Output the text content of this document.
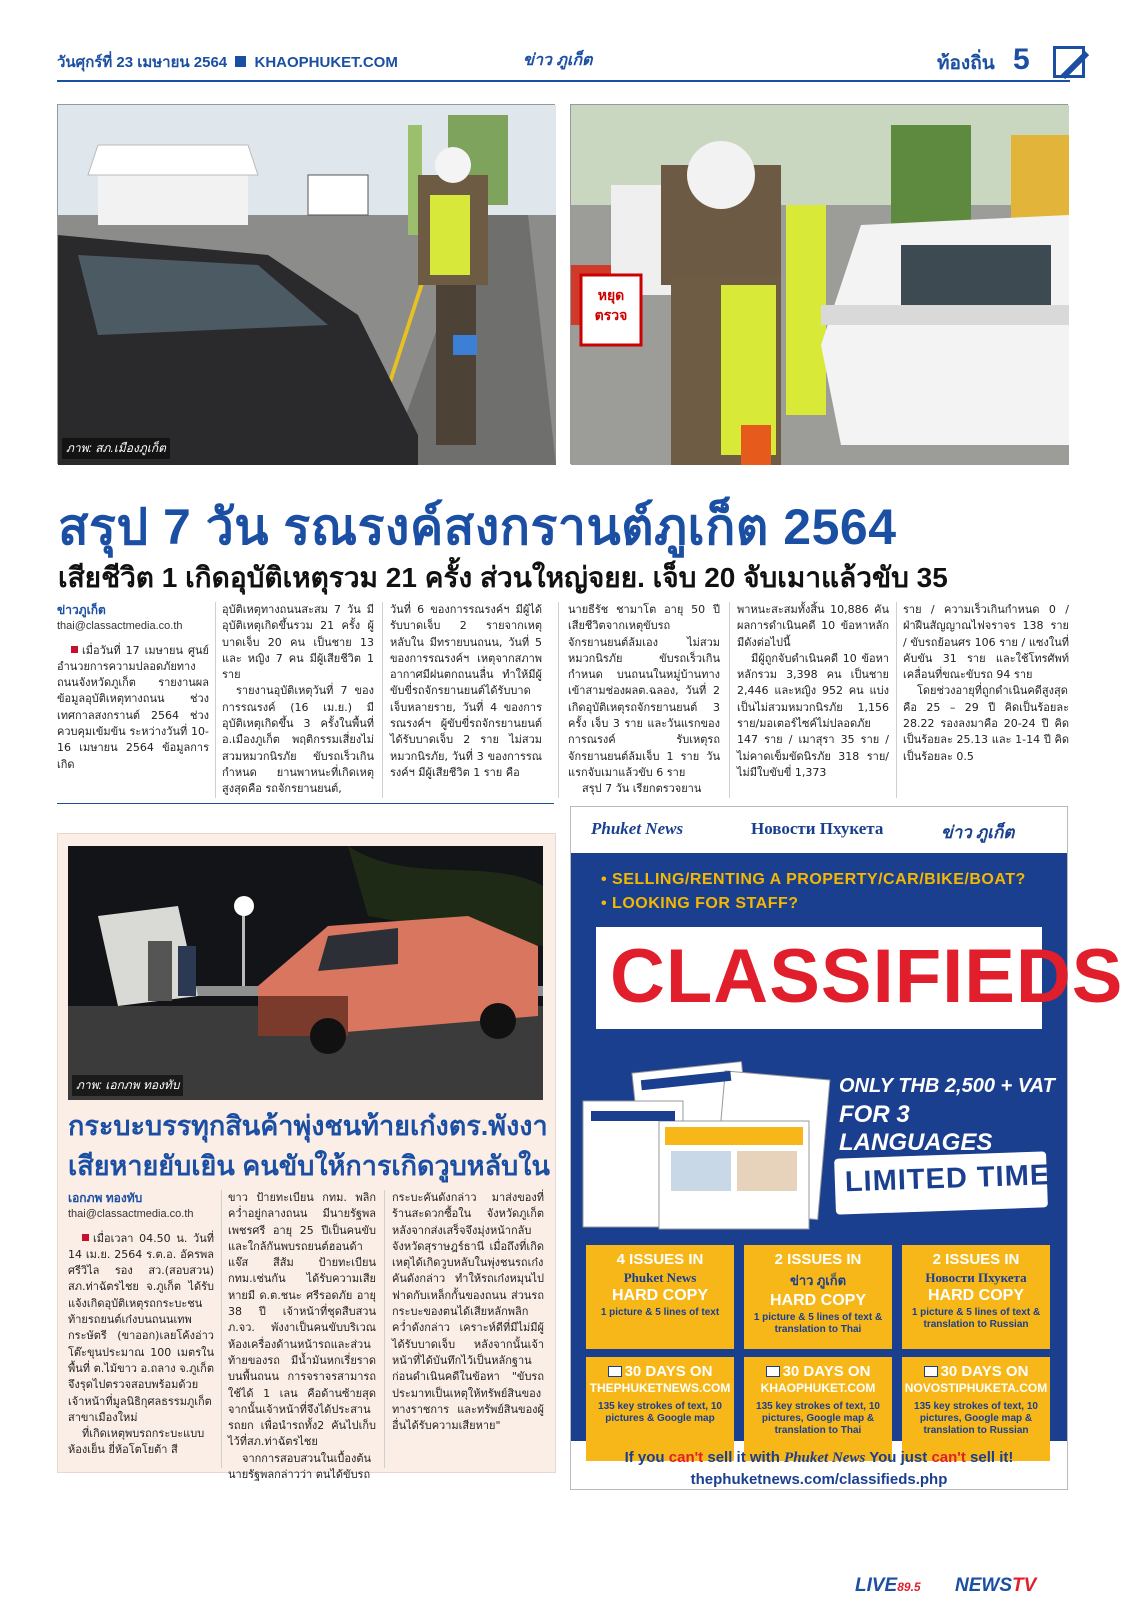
วันศุกร์ที่ 23 เมษายน 2564 KHAOPHUKET.COM	ข่าว ภูเก็ต	ท้องถิ่น 5
ภาพ: สภ.เมืองภูเก็ต
หยุด
ตรวจ
สรุป 7 วัน รณรงค์สงกรานต์ภูเก็ต 2564
เสียชีวิต 1 เกิดอุบัติเหตุรวม 21 ครั้ง ส่วนใหญ่จยย. เจ็บ 20 จับเมาแล้วขับ 35
ข่าวภูเก็ต
thai@classactmedia.co.th

เมื่อวันที่ 17 เมษายน ศูนย์อำนวยการความปลอดภัยทางถนนจังหวัดภูเก็ต รายงานผลข้อมูลอุบัติเหตุทางถนน ช่วงเทศกาลสงกรานต์ 2564 ช่วงควบคุมเข้มข้น ระหว่างวันที่ 10-16 เมษายน 2564 ข้อมูลการเกิด

อุบัติเหตุทางถนนสะสม 7 วัน มีอุบัติเหตุเกิดขึ้นรวม 21 ครั้ง ผู้บาดเจ็บ 20 คน เป็นชาย 13 และ หญิง 7 คน มีผู้เสียชีวิต 1 ราย

รายงานอุบัติเหตุวันที่ 7 ของการรณรงค์ (16 เม.ย.) มีอุบัติเหตุเกิดขึ้น 3 ครั้งในพื้นที่อ.เมืองภูเก็ต พฤติกรรมเสี่ยงไม่สวมหมวกนิรภัย ขับรถเร็วเกินกำหนด ยานพาหนะที่เกิดเหตุสูงสุดคือ รถจักรยานยนต์,

วันที่ 6 ของการรณรงค์ฯ มีผู้ได้รับบาดเจ็บ 2 รายจากเหตุหลับใน มีทรายบนถนน, วันที่ 5 ของการรณรงค์ฯ เหตุจากสภาพอากาศมีฝนตกถนนลื่น ทำให้มีผู้ขับขี่รถจักรยานยนต์ได้รับบาดเจ็บหลายราย, วันที่ 4 ของการรณรงค์ฯ ผู้ขับขี่รถจักรยานยนต์ได้รับบาดเจ็บ 2 ราย ไม่สวมหมวกนิรภัย, วันที่ 3 ของการรณรงค์ฯ มีผู้เสียชีวิต 1 ราย คือ

นายธีรัช ชามาโต อายุ 50 ปี เสียชีวิตจากเหตุขับรถจักรยานยนต์ล้มเอง ไม่สวมหมวกนิรภัย ขับรถเร็วเกินกำหนด บนถนนในหมู่บ้านทางเข้าสามช่องผลต.ฉลอง, วันที่ 2 เกิดอุบัติเหตุรถจักรยานยนต์ 3 ครั้ง เจ็บ 3 ราย และวันแรกของการณรงค์ รับเหตุรถจักรยานยนต์ล้มเจ็บ 1 ราย วันแรกจับเมาแล้วขับ 6 ราย

สรุป 7 วัน เรียกตรวจยาน

พาหนะสะสมทั้งสิ้น 10,886 คัน ผลการดำเนินคดี 10 ข้อหาหลัก มีดังต่อไปนี้

มีผู้ถูกจับดำเนินคดี 10 ข้อหาหลักรวม 3,398 คน เป็นชาย 2,446 และหญิง 952 คน แบ่งเป็นไม่สวมหมวกนิรภัย 1,156 ราย/มอเตอร์ไซค์ไม่ปลอดภัย 147 ราย / เมาสุรา 35 ราย / ไม่คาดเข็มขัดนิรภัย 318 ราย/ ไม่มีใบขับขี่ 1,373

ราย / ความเร็วเกินกำหนด 0 / ฝ่าฝืนสัญญาณไฟจราจร 138 ราย / ขับรถย้อนศร 106 ราย / แซงในที่คับขัน 31 ราย และใช้โทรศัพท์เคลื่อนที่ขณะขับรถ 94 ราย

โดยช่วงอายุที่ถูกดำเนินคดีสูงสุดคือ 25 – 29 ปี คิดเป็นร้อยละ 28.22 รองลงมาคือ 20-24 ปี คิดเป็นร้อยละ 25.13 และ 1-14 ปี คิดเป็นร้อยละ 0.5

ภาพ: เอกภพ ทองทับ
กระบะบรรทุกสินค้าพุ่งชนท้ายเก๋งตร.พังงา
เสียหายยับเยิน คนขับให้การเกิดวูบหลับใน
เอกภพ ทองทับ
thai@classactmedia.co.th

เมื่อเวลา 04.50 น. วันที่ 14 เม.ย. 2564 ร.ต.อ. อัครพล ศรีวิไล รอง สว.(สอบสวน) สภ.ท่าฉัตรไชย จ.ภูเก็ต ได้รับแจ้งเกิดอุบัติเหตุรถกระบะชนท้ายรถยนต์เก๋งบนถนนเทพกระษัตรี (ขาออก)เลยโค้งอ่าวโต๊ะขุนประมาณ 100 เมตรในพื้นที่ ต.ไม้ขาว อ.ถลาง จ.ภูเก็ต จึงรุดไปตรวจสอบพร้อมด้วยเจ้าหน้าที่มูลนิธิกุศลธรรมภูเก็ต สาขาเมืองใหม่

ที่เกิดเหตุพบรถกระบะแบบห้องเย็น ยี่ห้อโตโยต้า สี

ขาว ป้ายทะเบียน กทม. พลิกคว่ำอยู่กลางถนน มีนายรัฐพล เพชรศรี อายุ 25 ปีเป็นคนขับ และใกล้กันพบรถยนต์ฮอนด้าแจ๊ส สีส้ม ป้ายทะเบียน กทม.เช่นกัน ได้รับความเสียหายมี ด.ต.ชนะ ศรีรอดภัย อายุ 38 ปี เจ้าหน้าที่ชุดสืบสวน ภ.จว. พังงาเป็นคนขับบริเวณห้องเครื่องด้านหน้ารถและส่วนท้ายของรถ มีน้ำมันหกเรี่ยราดบนพื้นถนน การจราจรสามารถใช้ได้ 1 เลน คือด้านซ้ายสุด จากนั้นเจ้าหน้าที่จึงได้ประสานรถยก เพื่อนำรถทั้ง2 คันไปเก็บไว้ที่สภ.ท่าฉัตรไชย

จากการสอบสวนในเบื้องต้นนายรัฐพลกล่าวว่า ตนได้ขับรถ

กระบะคันดังกล่าว มาส่งของที่ร้านสะดวกซื้อใน จังหวัดภูเก็ต หลังจากส่งเสร็จจึงมุ่งหน้ากลับจังหวัดสุราษฎร์ธานี เมื่อถึงที่เกิดเหตุได้เกิดวูบหลับในพุ่งชนรถเก๋งคันดังกล่าว ทำให้รถเก๋งหมุนไปฟาดกับเหล็กกั้นของถนน ส่วนรถกระบะของตนได้เสียหลักพลิกคว่ำดังกล่าว เคราะห์ดีที่มีไม่มีผู้ได้รับบาดเจ็บ หลังจากนั้นเจ้าหน้าที่ได้บันทึกไว้เป็นหลักฐาน ก่อนดำเนินคดีในข้อหา "ขับรถประมาทเป็นเหตุให้ทรัพย์สินของทางราชการ และทรัพย์สินของผู้อื่นได้รับความเสียหาย"

Phuket News	Новости Пхукета	ข่าว ภูเก็ต
• SELLING/RENTING A PROPERTY/CAR/BIKE/BOAT?
• LOOKING FOR STAFF?
CLASSIFIEDS
ONLY THB 2,500 + VAT
FOR 3 LANGUAGES
LIMITED TIME
4 ISSUES IN
Phuket News
HARD COPY
1 picture & 5 lines of text
2 ISSUES IN
ข่าว ภูเก็ต
HARD COPY
1 picture & 5 lines of text & translation to Thai
2 ISSUES IN
Новости Пхукета
HARD COPY
1 picture & 5 lines of text & translation to Russian
30 DAYS ON
THEPHUKETNEWS.COM
135 key strokes of text, 10 pictures & Google map
30 DAYS ON
KHAOPHUKET.COM
135 key strokes of text, 10 pictures, Google map & translation to Thai
30 DAYS ON
NOVOSTIPHUKETA.COM
135 key strokes of text, 10 pictures, Google map & translation to Russian
If you can't sell it with Phuket News You just can't sell it!
thephuketnews.com/classifieds.php
LIVE89.5 NEWSTV
